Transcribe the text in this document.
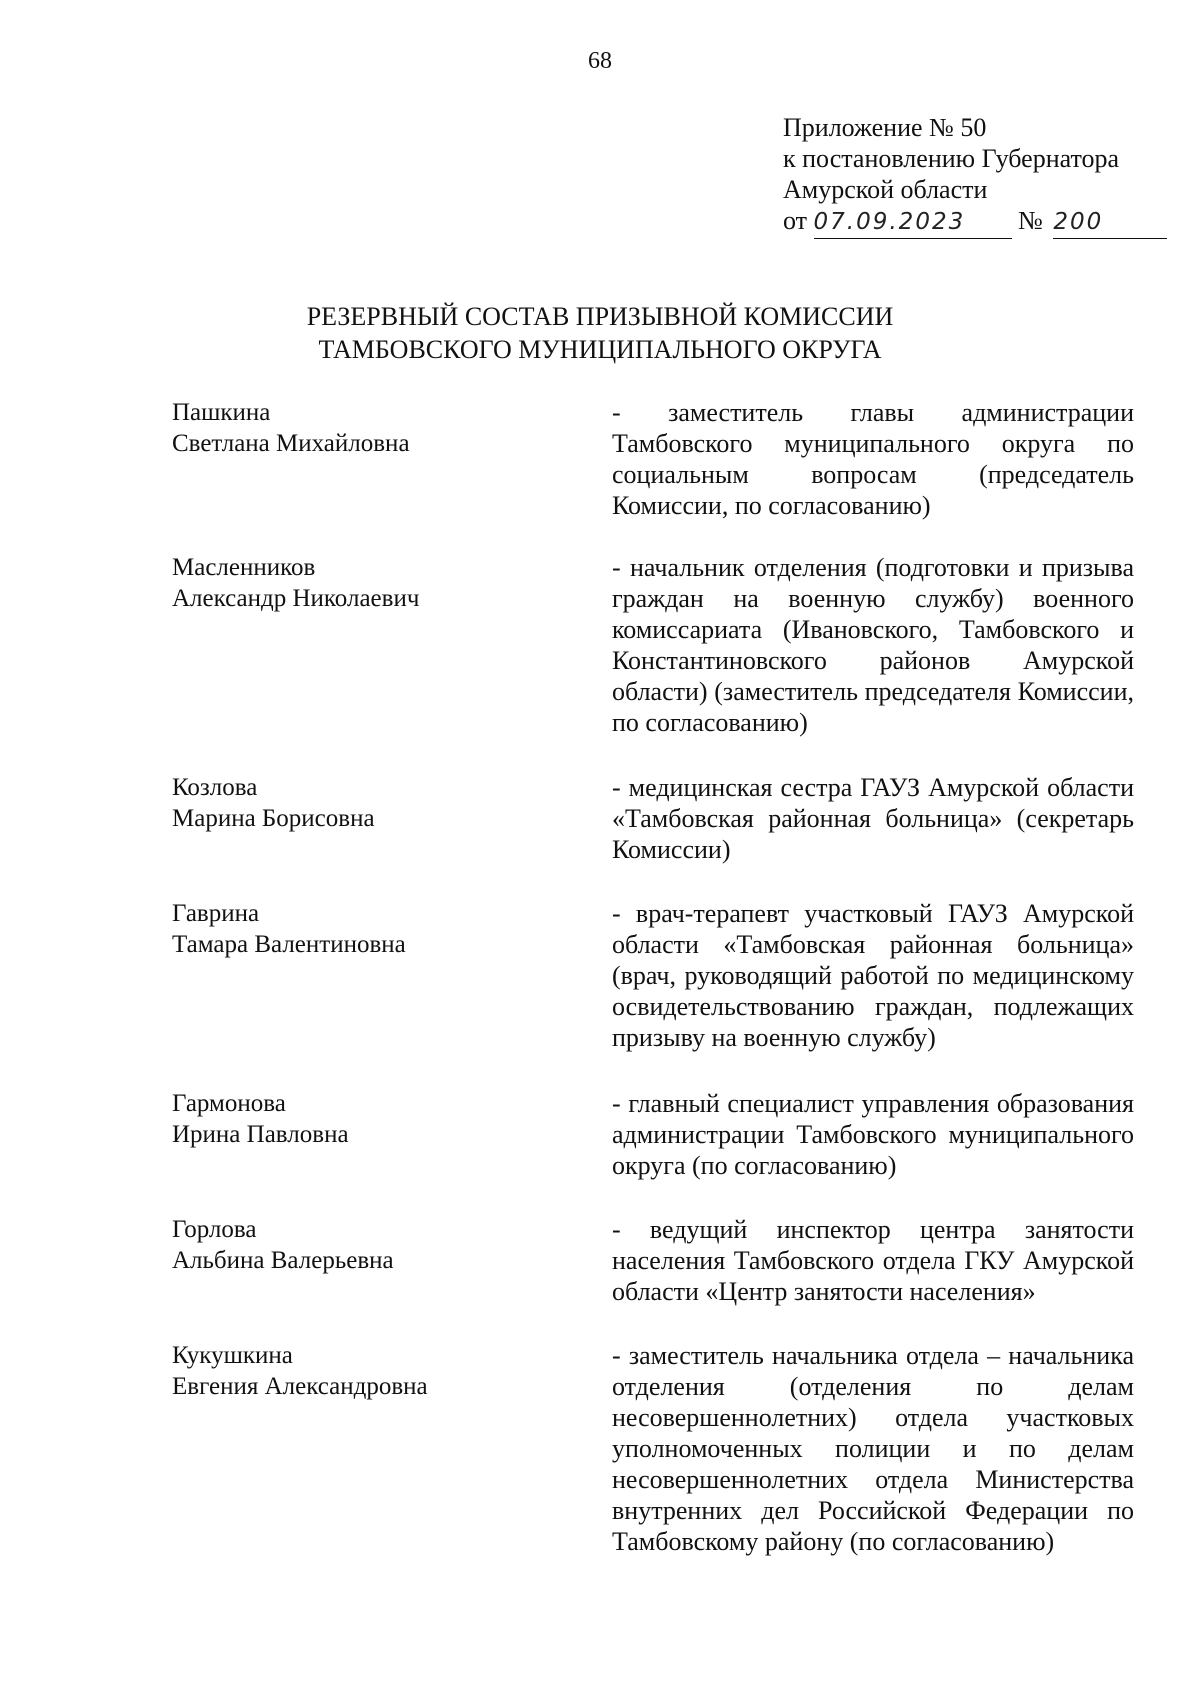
68
Приложение № 50
к постановлению Губернатора
Амурской области
от 07.09.2023 № 200
РЕЗЕРВНЫЙ СОСТАВ ПРИЗЫВНОЙ КОМИССИИ
ТАМБОВСКОГО МУНИЦИПАЛЬНОГО ОКРУГА
Пашкина
Светлана Михайловна
- заместитель главы администрации Тамбовского муниципального округа по социальным вопросам (председатель Комиссии, по согласованию)
Масленников
Александр Николаевич
- начальник отделения (подготовки и призыва граждан на военную службу) военного комиссариата (Ивановского, Тамбовского и Константиновского районов Амурской области) (заместитель председателя Комиссии, по согласованию)
Козлова
Марина Борисовна
- медицинская сестра ГАУЗ Амурской области «Тамбовская районная больница» (секретарь Комиссии)
Гаврина
Тамара Валентиновна
- врач-терапевт участковый ГАУЗ Амурской области «Тамбовская районная больница» (врач, руководящий работой по медицинскому освидетельствованию граждан, подлежащих призыву на военную службу)
Гармонова
Ирина Павловна
- главный специалист управления образования администрации Тамбовского муниципального округа (по согласованию)
Горлова
Альбина Валерьевна
- ведущий инспектор центра занятости населения Тамбовского отдела ГКУ Амурской области «Центр занятости населения»
Кукушкина
Евгения Александровна
- заместитель начальника отдела – начальника отделения (отделения по делам несовершеннолетних) отдела участковых уполномоченных полиции и по делам несовершеннолетних отдела Министерства внутренних дел Российской Федерации по Тамбовскому району (по согласованию)
